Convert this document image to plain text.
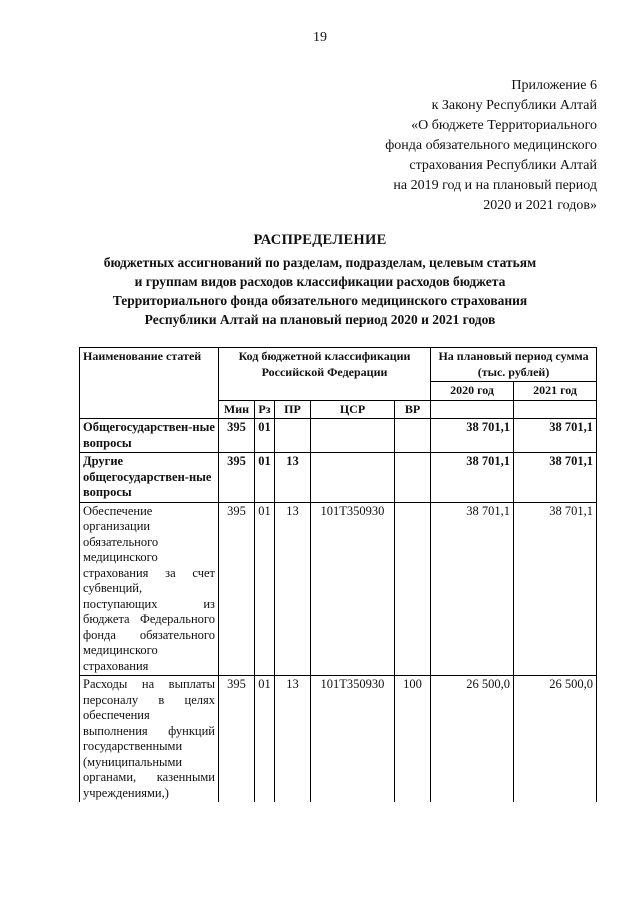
19
Приложение 6
к Закону Республики Алтай
«О бюджете Территориального
фонда обязательного медицинского
страхования Республики Алтай
на 2019 год и на плановый период
2020 и 2021 годов»
РАСПРЕДЕЛЕНИЕ
бюджетных ассигнований по разделам, подразделам, целевым статьям
и группам видов расходов классификации расходов бюджета
Территориального фонда обязательного медицинского страхования
Республики Алтай на плановый период 2020 и 2021 годов
Наименование статей	Код бюджетной классификации Российской Федерации					На плановый период сумма (тыс. рублей)	
						2020 год	2021 год
	Мин	Рз	ПР	ЦСР	ВР		
Общегосударствен-ные вопросы	395	01				38 701,1	38 701,1
Другие общегосударствен-ные вопросы	395	01	13			38 701,1	38 701,1
Обеспечение организации обязательного медицинского страхования за счет субвенций, поступающих из бюджета Федерального фонда обязательного медицинского страхования	395	01	13	101Т350930		38 701,1	38 701,1
Расходы на выплаты персоналу в целях обеспечения выполнения функций государственными (муниципальными органами, казенными учреждениями,)	395	01	13	101Т350930	100	26 500,0	26 500,0
